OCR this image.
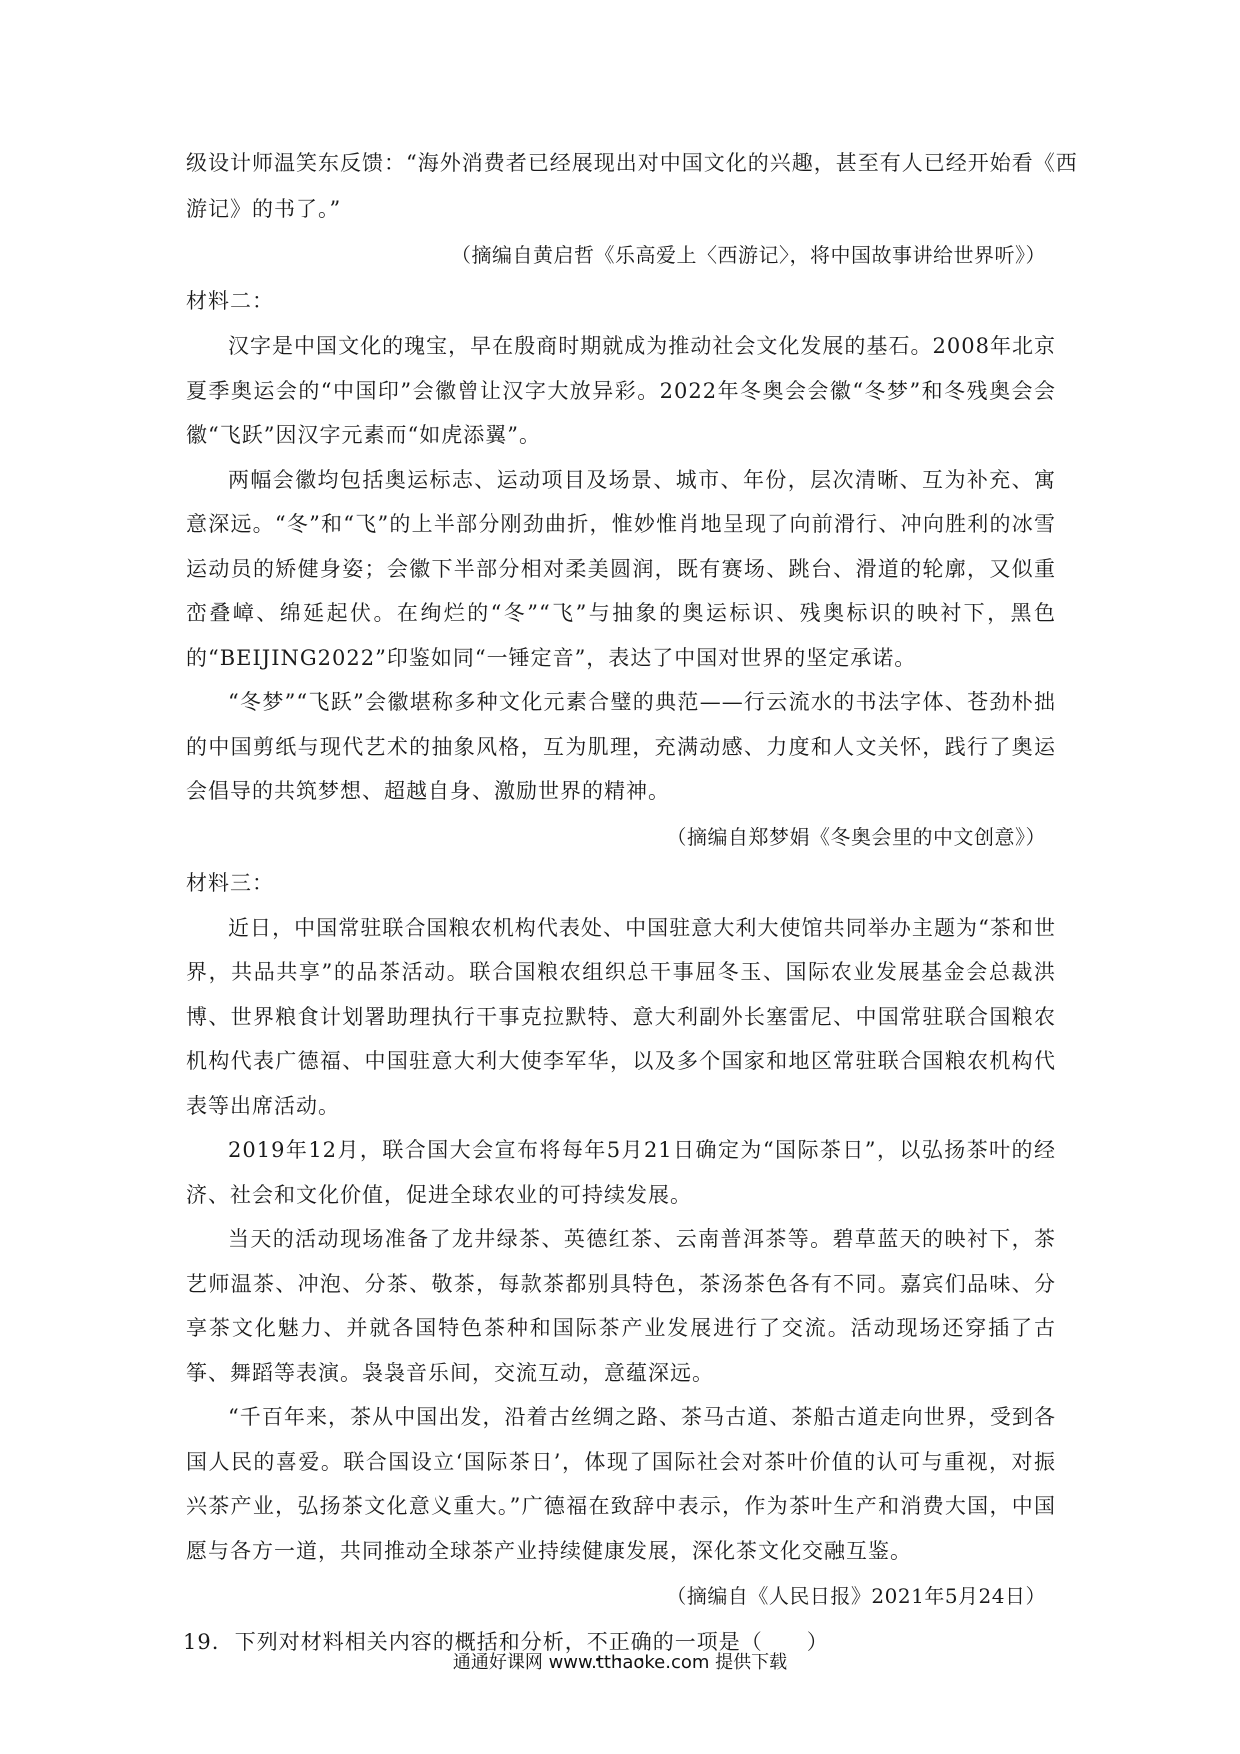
级设计师温笑东反馈：“海外消费者已经展现出对中国文化的兴趣，甚至有人已经开始看《西
游记》的书了。”
（摘编自黄启哲《乐高爱上〈西游记〉，将中国故事讲给世界听》）
材料二：

汉字是中国文化的瑰宝，早在殷商时期就成为推动社会文化发展的基石。2008年北京夏季奥运会的“中国印”会徽曾让汉字大放异彩。2022年冬奥会会徽“冬梦”和冬残奥会会徽“飞跃”因汉字元素而“如虎添翼”。

两幅会徽均包括奥运标志、运动项目及场景、城市、年份，层次清晰、互为补充、寓意深远。“冬”和“飞”的上半部分刚劲曲折，惟妙惟肖地呈现了向前滑行、冲向胜利的冰雪运动员的矫健身姿；会徽下半部分相对柔美圆润，既有赛场、跳台、滑道的轮廓，又似重峦叠嶂、绵延起伏。在绚烂的“冬”“飞”与抽象的奥运标识、残奥标识的映衬下，黑色的“BEIJING2022”印鉴如同“一锤定音”，表达了中国对世界的坚定承诺。

“冬梦”“飞跃”会徽堪称多种文化元素合璧的典范——行云流水的书法字体、苍劲朴拙的中国剪纸与现代艺术的抽象风格，互为肌理，充满动感、力度和人文关怀，践行了奥运会倡导的共筑梦想、超越自身、激励世界的精神。

（摘编自郑梦娟《冬奥会里的中文创意》）
材料三：

近日，中国常驻联合国粮农机构代表处、中国驻意大利大使馆共同举办主题为“茶和世界，共品共享”的品茶活动。联合国粮农组织总干事屈冬玉、国际农业发展基金会总裁洪博、世界粮食计划署助理执行干事克拉默特、意大利副外长塞雷尼、中国常驻联合国粮农机构代表广德福、中国驻意大利大使李军华，以及多个国家和地区常驻联合国粮农机构代表等出席活动。

2019年12月，联合国大会宣布将每年5月21日确定为“国际茶日”，以弘扬茶叶的经济、社会和文化价值，促进全球农业的可持续发展。

当天的活动现场准备了龙井绿茶、英德红茶、云南普洱茶等。碧草蓝天的映衬下，茶艺师温茶、冲泡、分茶、敬茶，每款茶都别具特色，茶汤茶色各有不同。嘉宾们品味、分享茶文化魅力、并就各国特色茶种和国际茶产业发展进行了交流。活动现场还穿插了古筝、舞蹈等表演。袅袅音乐间，交流互动，意蕴深远。

“千百年来，茶从中国出发，沿着古丝绸之路、茶马古道、茶船古道走向世界，受到各国人民的喜爱。联合国设立‘国际茶日’，体现了国际社会对茶叶价值的认可与重视，对振兴茶产业，弘扬茶文化意义重大。”广德福在致辞中表示，作为茶叶生产和消费大国，中国愿与各方一道，共同推动全球茶产业持续健康发展，深化茶文化交融互鉴。

（摘编自《人民日报》2021年5月24日）
19. 下列对材料相关内容的概括和分析，不正确的一项是（　　）
通通好课网 www.tthaoke.com 提供下载
